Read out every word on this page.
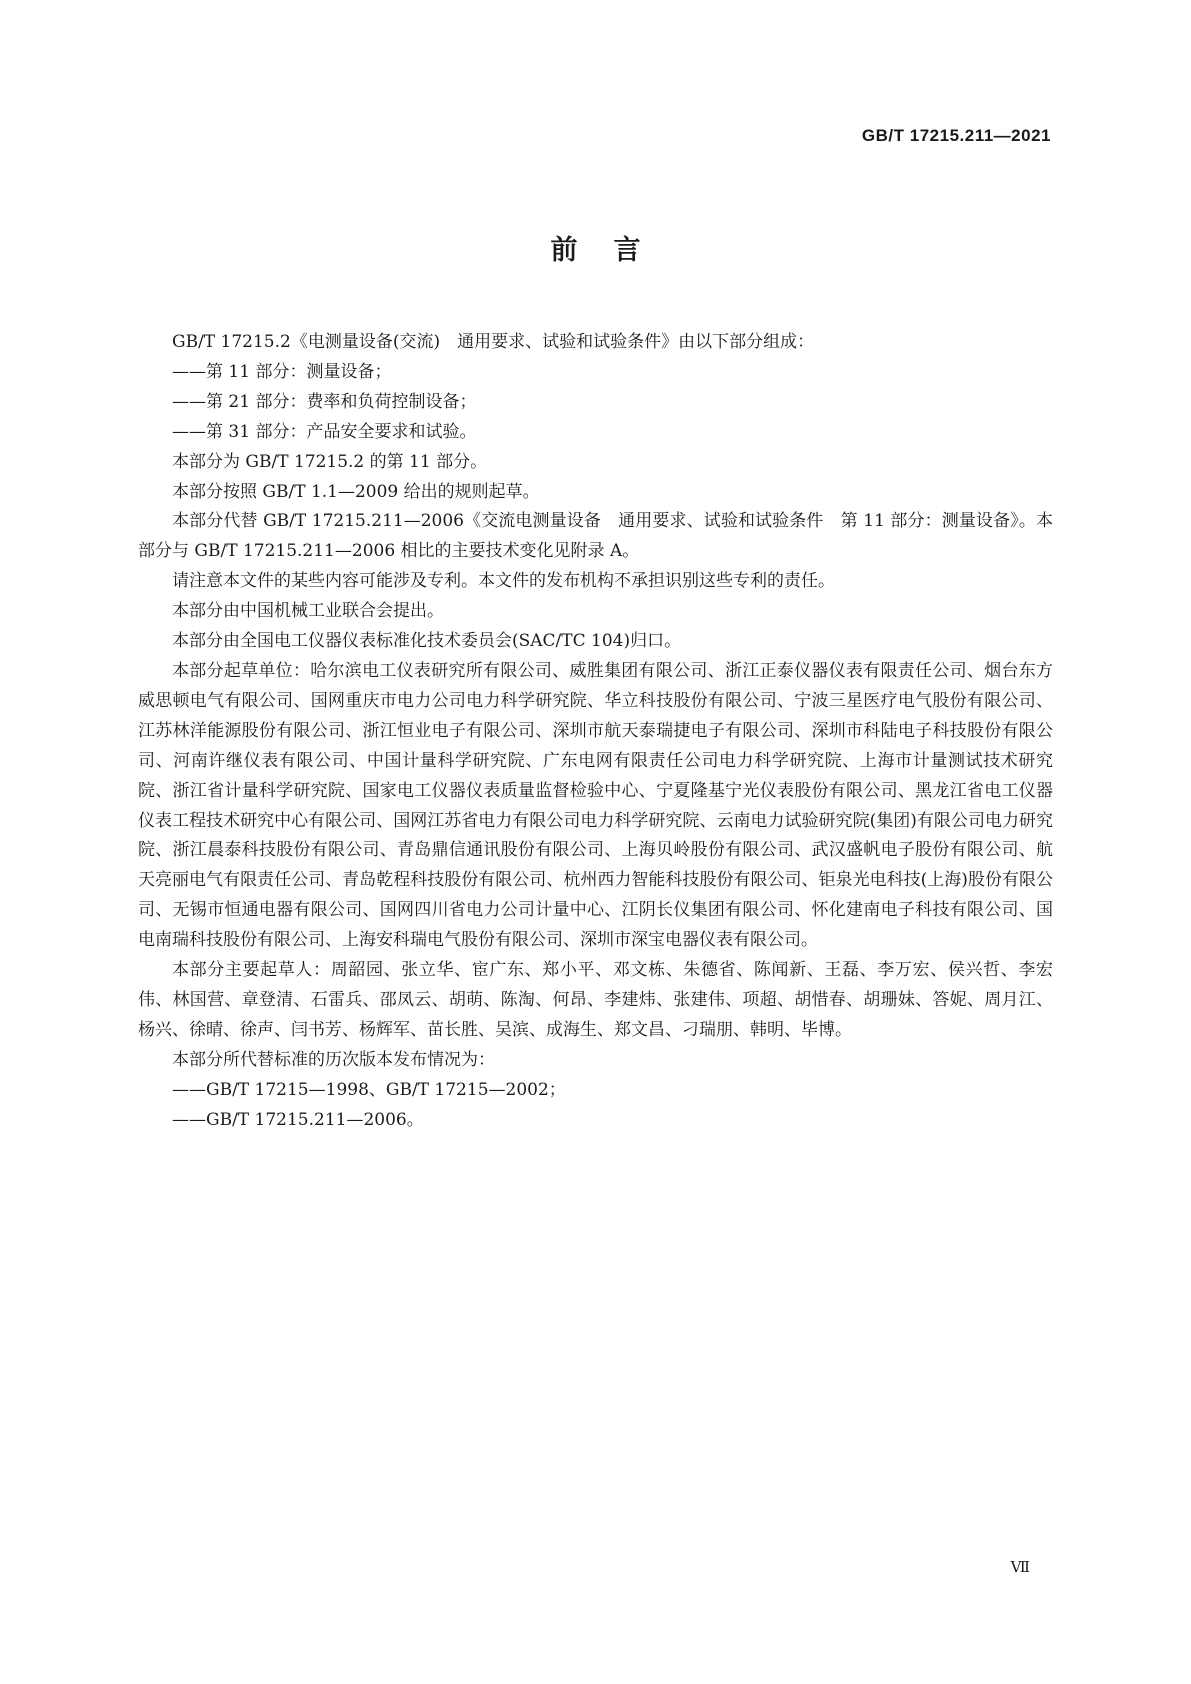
GB/T 17215.211—2021
前言

GB/T 17215.2《电测量设备(交流)　通用要求、试验和试验条件》由以下部分组成：

——第 11 部分：测量设备；

——第 21 部分：费率和负荷控制设备；

——第 31 部分：产品安全要求和试验。

本部分为 GB/T 17215.2 的第 11 部分。

本部分按照 GB/T 1.1—2009 给出的规则起草。

本部分代替 GB/T 17215.211—2006《交流电测量设备　通用要求、试验和试验条件　第 11 部分：测量设备》。本部分与 GB/T 17215.211—2006 相比的主要技术变化见附录 A。

请注意本文件的某些内容可能涉及专利。本文件的发布机构不承担识别这些专利的责任。

本部分由中国机械工业联合会提出。

本部分由全国电工仪器仪表标准化技术委员会(SAC/TC 104)归口。

本部分起草单位：哈尔滨电工仪表研究所有限公司、威胜集团有限公司、浙江正泰仪器仪表有限责任公司、烟台东方威思顿电气有限公司、国网重庆市电力公司电力科学研究院、华立科技股份有限公司、宁波三星医疗电气股份有限公司、江苏林洋能源股份有限公司、浙江恒业电子有限公司、深圳市航天泰瑞捷电子有限公司、深圳市科陆电子科技股份有限公司、河南许继仪表有限公司、中国计量科学研究院、广东电网有限责任公司电力科学研究院、上海市计量测试技术研究院、浙江省计量科学研究院、国家电工仪器仪表质量监督检验中心、宁夏隆基宁光仪表股份有限公司、黑龙江省电工仪器仪表工程技术研究中心有限公司、国网江苏省电力有限公司电力科学研究院、云南电力试验研究院(集团)有限公司电力研究院、浙江晨泰科技股份有限公司、青岛鼎信通讯股份有限公司、上海贝岭股份有限公司、武汉盛帆电子股份有限公司、航天亮丽电气有限责任公司、青岛乾程科技股份有限公司、杭州西力智能科技股份有限公司、钜泉光电科技(上海)股份有限公司、无锡市恒通电器有限公司、国网四川省电力公司计量中心、江阴长仪集团有限公司、怀化建南电子科技有限公司、国电南瑞科技股份有限公司、上海安科瑞电气股份有限公司、深圳市深宝电器仪表有限公司。

本部分主要起草人：周韶园、张立华、宦广东、郑小平、邓文栋、朱德省、陈闻新、王磊、李万宏、侯兴哲、李宏伟、林国营、章登清、石雷兵、邵凤云、胡萌、陈淘、何昂、李建炜、张建伟、项超、胡惜春、胡珊妹、答妮、周月江、杨兴、徐晴、徐声、闫书芳、杨辉军、苗长胜、吴滨、成海生、郑文昌、刁瑞朋、韩明、毕博。

本部分所代替标准的历次版本发布情况为：

——GB/T 17215—1998、GB/T 17215—2002；

——GB/T 17215.211—2006。

Ⅶ
